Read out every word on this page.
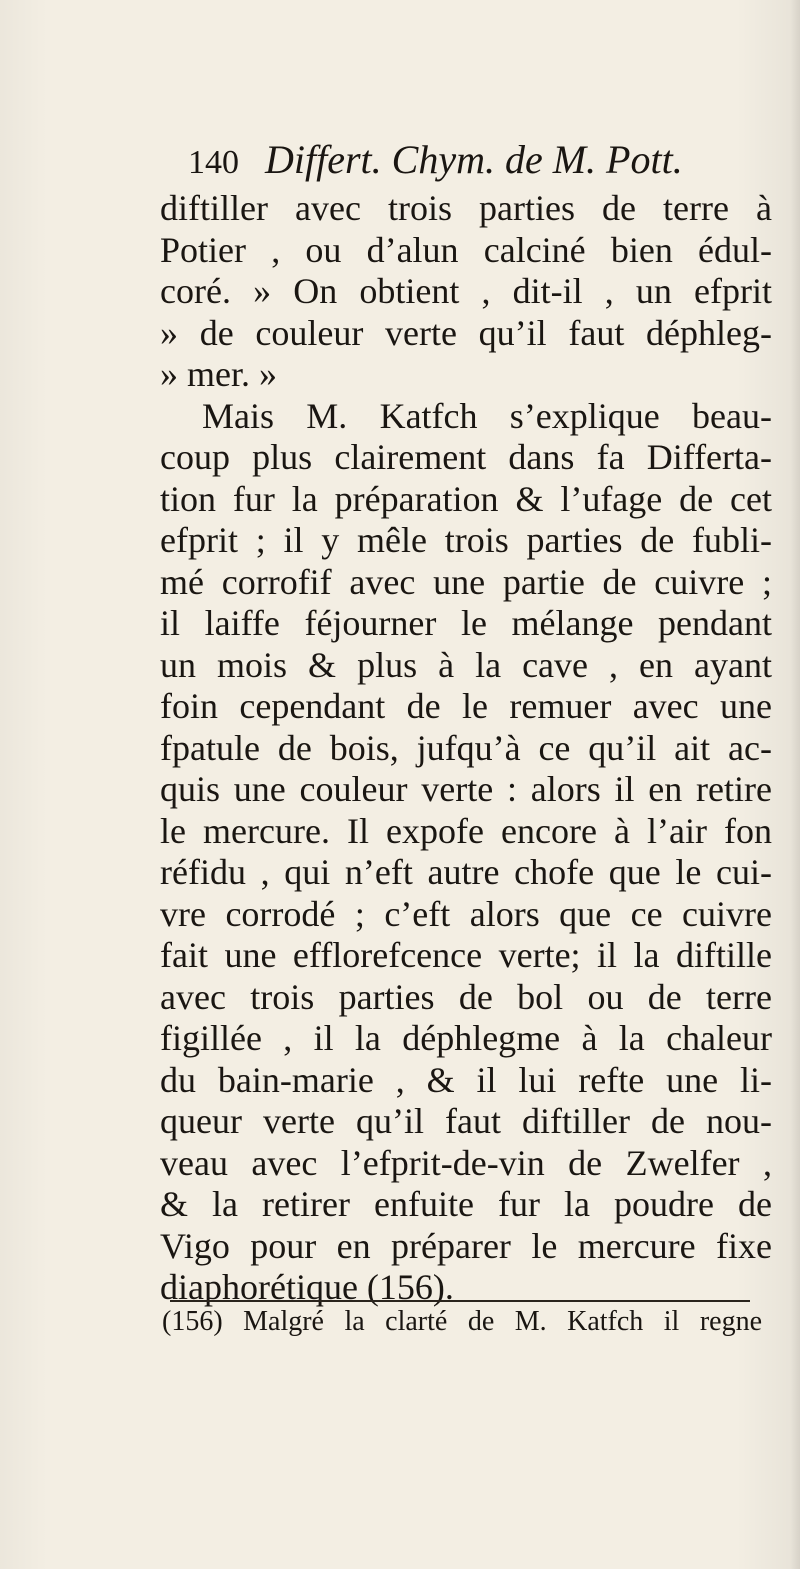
140 Differt. Chym. de M. Pott.
diftiller avec trois parties de terre à
Potier , ou d’alun calciné bien édul-
coré. » On obtient , dit-il , un efprit
» de couleur verte qu’il faut déphleg-
» mer. »
Mais M. Katfch s’explique beau-
coup plus clairement dans fa Differta-
tion fur la préparation & l’ufage de cet
efprit ; il y mêle trois parties de fubli-
mé corrofif avec une partie de cuivre ;
il laiffe féjourner le mélange pendant
un mois & plus à la cave , en ayant
foin cependant de le remuer avec une
fpatule de bois, jufqu’à ce qu’il ait ac-
quis une couleur verte : alors il en retire
le mercure. Il expofe encore à l’air fon
réfidu , qui n’eft autre chofe que le cui-
vre corrodé ; c’eft alors que ce cuivre
fait une efflorefcence verte; il la diftille
avec trois parties de bol ou de terre
figillée , il la déphlegme à la chaleur
du bain-marie , & il lui refte une li-
queur verte qu’il faut diftiller de nou-
veau avec l’efprit-de-vin de Zwelfer ,
& la retirer enfuite fur la poudre de
Vigo pour en préparer le mercure fixe
diaphorétique (156).
(156) Malgré la clarté de M. Katfch il regne
